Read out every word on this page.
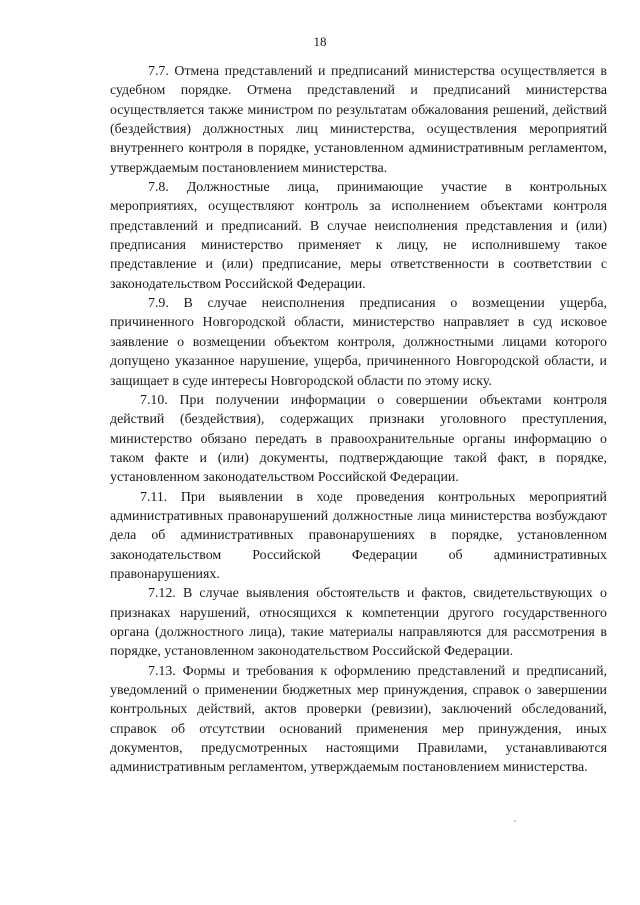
18

7.7. Отмена представлений и предписаний министерства осуществляется в судебном порядке. Отмена представлений и предписаний министерства осуществляется также министром по результатам обжалования решений, действий (бездействия) должностных лиц министерства, осуществления мероприятий внутреннего контроля в порядке, установленном административным регламентом, утверждаемым постановлением министерства.

7.8. Должностные лица, принимающие участие в контрольных мероприятиях, осуществляют контроль за исполнением объектами контроля представлений и предписаний. В случае неисполнения представления и (или) предписания министерство применяет к лицу, не исполнившему такое представление и (или) предписание, меры ответственности в соответствии с законодательством Российской Федерации.

7.9. В случае неисполнения предписания о возмещении ущерба, причиненного Новгородской области, министерство направляет в суд исковое заявление о возмещении объектом контроля, должностными лицами которого допущено указанное нарушение, ущерба, причиненного Новгородской области, и защищает в суде интересы Новгородской области по этому иску.

7.10. При получении информации о совершении объектами контроля действий (бездействия), содержащих признаки уголовного преступления, министерство обязано передать в правоохранительные органы информацию о таком факте и (или) документы, подтверждающие такой факт, в порядке, установленном законодательством Российской Федерации.

7.11. При выявлении в ходе проведения контрольных мероприятий административных правонарушений должностные лица министерства возбуждают дела об административных правонарушениях в порядке, установленном законодательством Российской Федерации об административных правонарушениях.

7.12. В случае выявления обстоятельств и фактов, свидетельствующих о признаках нарушений, относящихся к компетенции другого государственного органа (должностного лица), такие материалы направляются для рассмотрения в порядке, установленном законодательством Российской Федерации.

7.13. Формы и требования к оформлению представлений и предписаний, уведомлений о применении бюджетных мер принуждения, справок о завершении контрольных действий, актов проверки (ревизии), заключений обследований, справок об отсутствии оснований применения мер принуждения, иных документов, предусмотренных настоящими Правилами, устанавливаются административным регламентом, утверждаемым постановлением министерства.
